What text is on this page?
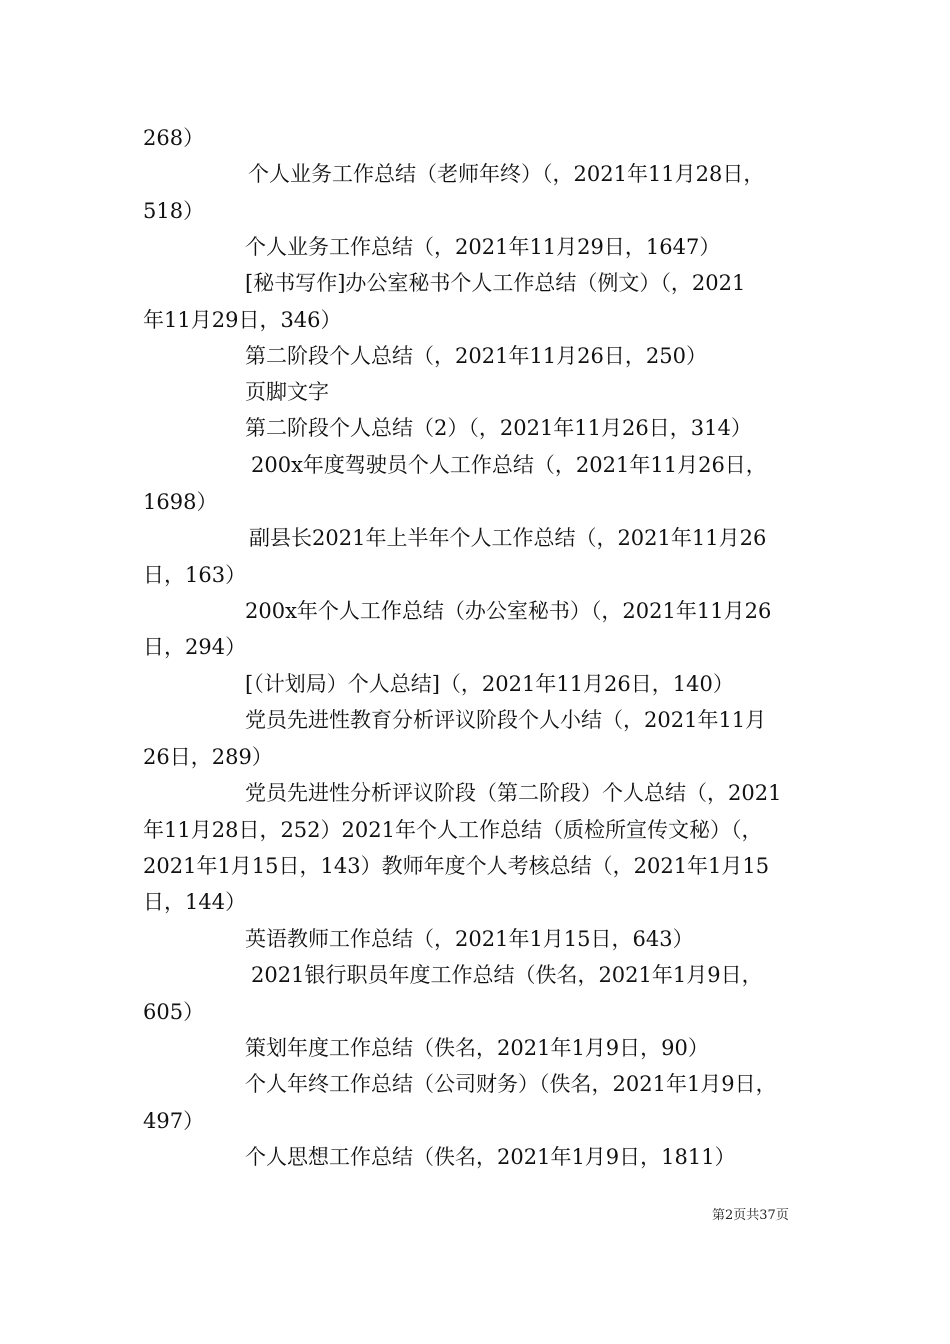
268）
个人业务工作总结（老师年终）（，2021年11月28日，
518）
个人业务工作总结（，2021年11月29日，1647）
[秘书写作]办公室秘书个人工作总结（例文）（，2021
年11月29日，346）
第二阶段个人总结（，2021年11月26日，250）
页脚文字
第二阶段个人总结（2）（，2021年11月26日，314）
200x年度驾驶员个人工作总结（，2021年11月26日，
1698）
副县长2021年上半年个人工作总结（，2021年11月26
日，163）
200x年个人工作总结（办公室秘书）（，2021年11月26
日，294）
[（计划局）个人总结]（，2021年11月26日，140）
党员先进性教育分析评议阶段个人小结（，2021年11月
26日，289）
党员先进性分析评议阶段（第二阶段）个人总结（，2021
年11月28日，252）2021年个人工作总结（质检所宣传文秘）（，
2021年1月15日，143）教师年度个人考核总结（，2021年1月15
日，144）
英语教师工作总结（，2021年1月15日，643）
2021银行职员年度工作总结（佚名，2021年1月9日，
605）
策划年度工作总结（佚名，2021年1月9日，90）
个人年终工作总结（公司财务）（佚名，2021年1月9日，
497）
个人思想工作总结（佚名，2021年1月9日，1811）
第2页共37页
